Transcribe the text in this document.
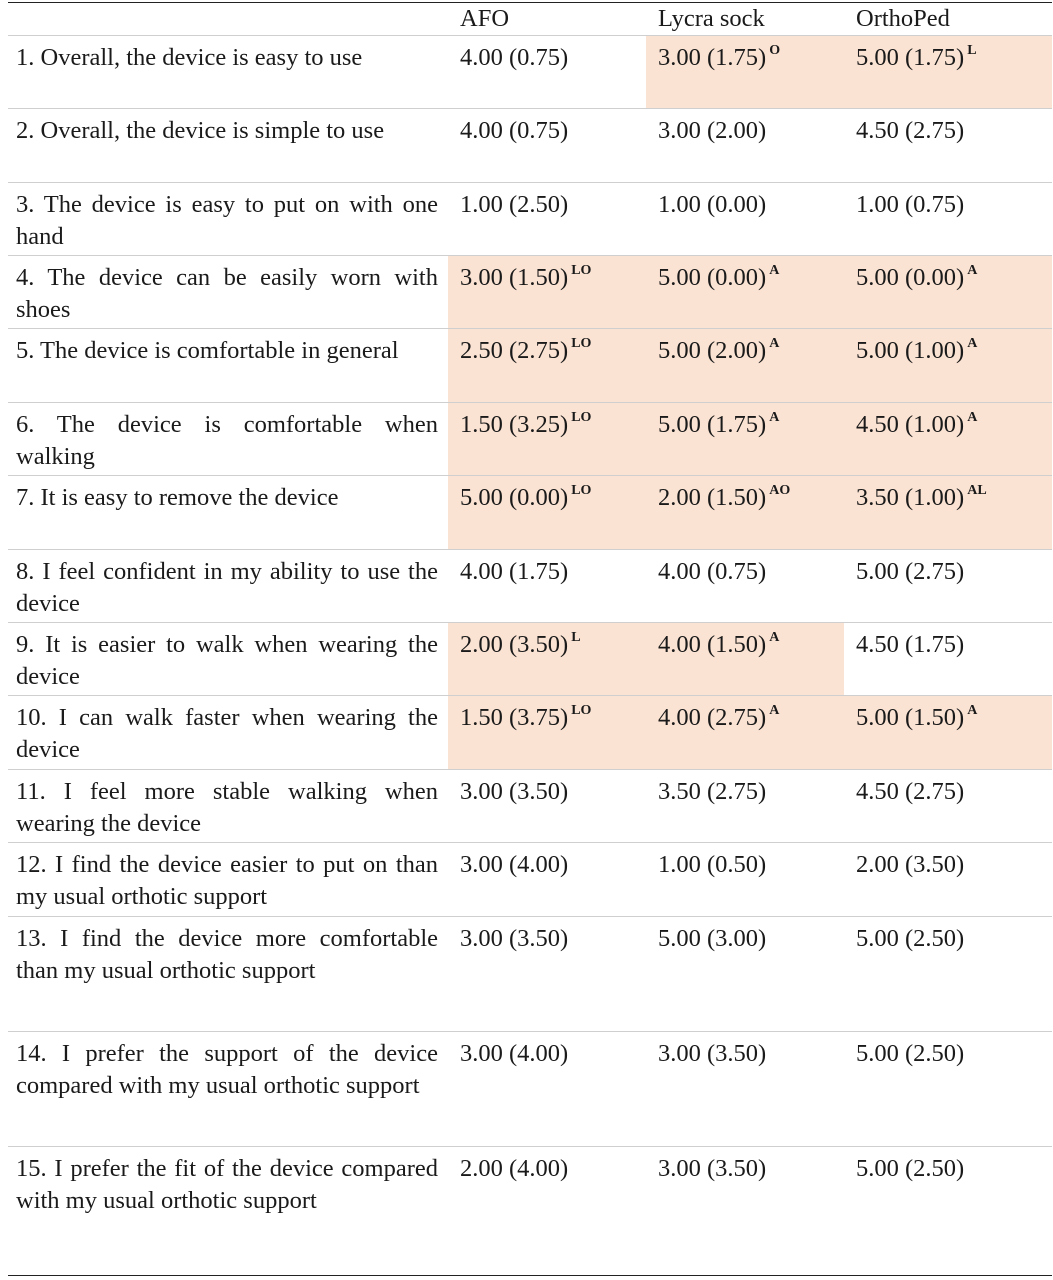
	AFO	Lycra sock	OrthoPed
1. Overall, the device is easy to use	4.00 (0.75)	3.00 (1.75) $^O$	5.00 (1.75) $^L$
2. Overall, the device is simple to use	4.00 (0.75)	3.00 (2.00)	4.50 (2.75)
3. The device is easy to put on with one hand	1.00 (2.50)	1.00 (0.00)	1.00 (0.75)
4. The device can be easily worn with shoes	3.00 (1.50) $^{LO}$	5.00 (0.00) $^A$	5.00 (0.00) $^A$
5. The device is comfortable in general	2.50 (2.75) $^{LO}$	5.00 (2.00) $^A$	5.00 (1.00) $^A$
6. The device is comfortable when walking	1.50 (3.25) $^{LO}$	5.00 (1.75) $^A$	4.50 (1.00) $^A$
7. It is easy to remove the device	5.00 (0.00) $^{LO}$	2.00 (1.50) $^{AO}$	3.50 (1.00) $^{AL}$
8. I feel confident in my ability to use the device	4.00 (1.75)	4.00 (0.75)	5.00 (2.75)
9. It is easier to walk when wearing the device	2.00 (3.50) $^L$	4.00 (1.50) $^A$	4.50 (1.75)
10. I can walk faster when wearing the device	1.50 (3.75) $^{LO}$	4.00 (2.75) $^A$	5.00 (1.50) $^A$
11. I feel more stable walking when wearing the device	3.00 (3.50)	3.50 (2.75)	4.50 (2.75)
12. I find the device easier to put on than my usual orthotic support	3.00 (4.00)	1.00 (0.50)	2.00 (3.50)
13. I find the device more comfortable than my usual orthotic support	3.00 (3.50)	5.00 (3.00)	5.00 (2.50)
14. I prefer the support of the device compared with my usual orthotic support	3.00 (4.00)	3.00 (3.50)	5.00 (2.50)
15. I prefer the fit of the device compared with my usual orthotic support	2.00 (4.00)	3.00 (3.50)	5.00 (2.50)
